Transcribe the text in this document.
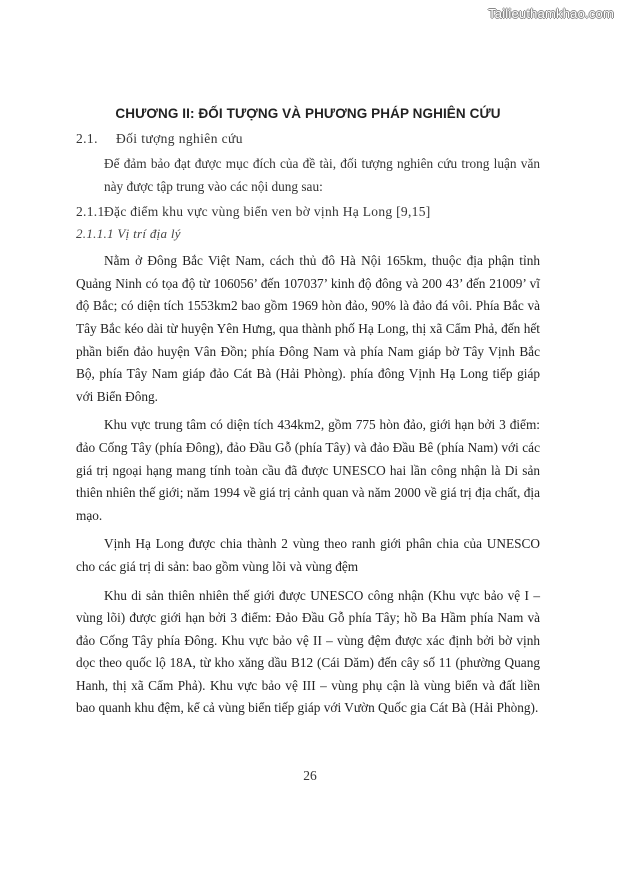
Tailieuthamkhao.com
CHƯƠNG II: ĐỐI TƯỢNG VÀ PHƯƠNG PHÁP NGHIÊN CỨU
2.1. Đối tượng nghiên cứu

Để đảm bảo đạt được mục đích của đề tài, đối tượng nghiên cứu trong luận văn này được tập trung vào các nội dung sau:

2.1.1Đặc điểm khu vực vùng biển ven bờ vịnh Hạ Long [9,15]
2.1.1.1 Vị trí địa lý

Nằm ở Đông Bắc Việt Nam, cách thủ đô Hà Nội 165km, thuộc địa phận tỉnh Quảng Ninh có tọa độ từ 106056’ đến 107037’ kinh độ đông và 200 43’ đến 21009’ vĩ độ Bắc; có diện tích 1553km2 bao gồm 1969 hòn đảo, 90% là đảo đá vôi. Phía Bắc và Tây Bắc kéo dài từ huyện Yên Hưng, qua thành phố Hạ Long, thị xã Cẩm Phả, đến hết phần biển đảo huyện Vân Đồn; phía Đông Nam và phía Nam giáp bờ Tây Vịnh Bắc Bộ, phía Tây Nam giáp đảo Cát Bà (Hải Phòng). phía đông Vịnh Hạ Long tiếp giáp với Biển Đông.

Khu vực trung tâm có diện tích 434km2, gồm 775 hòn đảo, giới hạn bởi 3 điểm: đảo Cống Tây (phía Đông), đảo Đầu Gỗ (phía Tây) và đảo Đầu Bê (phía Nam) với các giá trị ngoại hạng mang tính toàn cầu đã được UNESCO hai lần công nhận là Di sản thiên nhiên thế giới; năm 1994 về giá trị cảnh quan và năm 2000 về giá trị địa chất, địa mạo.

Vịnh Hạ Long được chia thành 2 vùng theo ranh giới phân chia của UNESCO cho các giá trị di sản: bao gồm vùng lõi và vùng đệm

Khu di sản thiên nhiên thế giới được UNESCO công nhận (Khu vực bảo vệ I – vùng lõi) được giới hạn bởi 3 điểm: Đảo Đầu Gỗ phía Tây; hồ Ba Hầm phía Nam và đảo Cống Tây phía Đông. Khu vực bảo vệ II – vùng đệm được xác định bởi bờ vịnh dọc theo quốc lộ 18A, từ kho xăng dầu B12 (Cái Dăm) đến cây số 11 (phường Quang Hanh, thị xã Cẩm Phả). Khu vực bảo vệ III – vùng phụ cận là vùng biển và đất liền bao quanh khu đệm, kể cả vùng biển tiếp giáp với Vườn Quốc gia Cát Bà (Hải Phòng).

26
